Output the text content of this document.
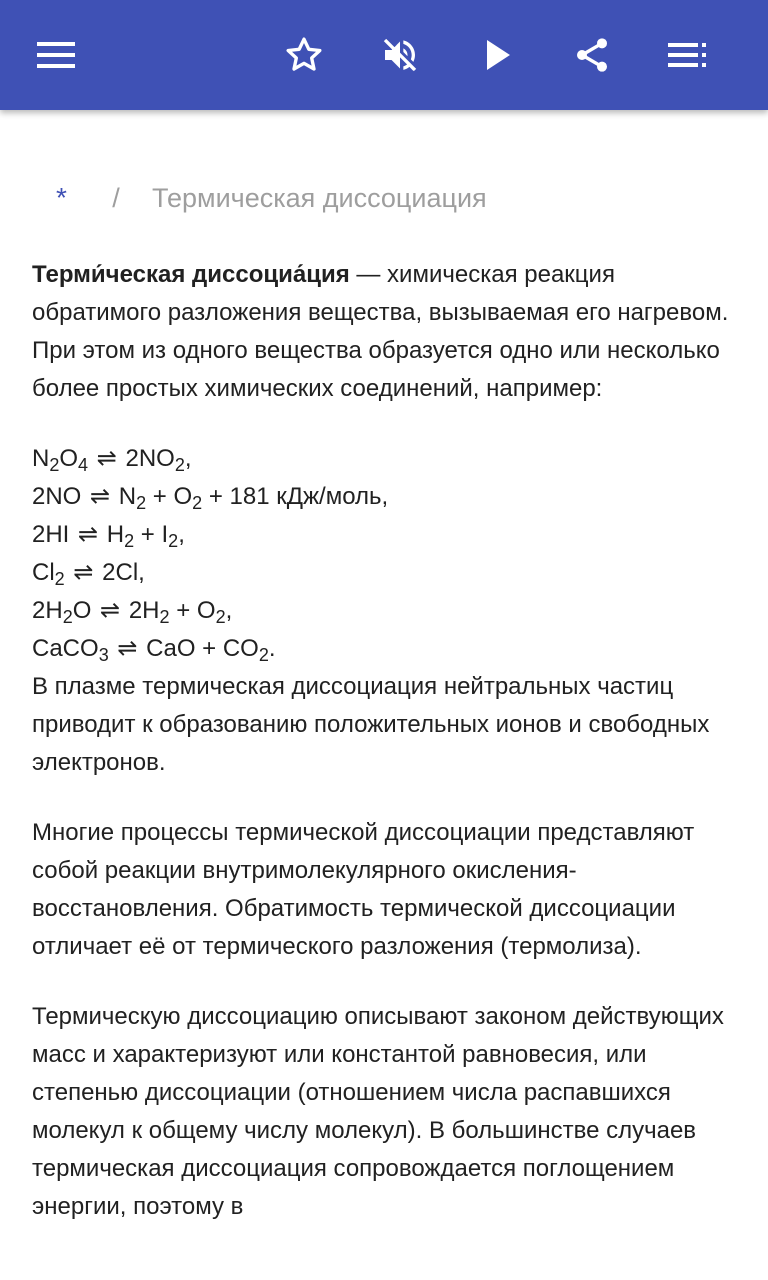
* / Термическая диссоциация

Терми́ческая диссоциа́ция — химическая реакция обратимого разложения вещества, вызываемая его нагревом. При этом из одного вещества образуется одно или несколько более простых химических соединений, например:

$N_2O_4$ ⇌ $2NO_2$,
2NO ⇌ $N_2 + O_2 + 181$ кДж/моль,
2HI ⇌ $H_2 + I_2$,
$Cl_2$ ⇌ 2Cl,
$2H_2O$ ⇌ $2H_2 + O_2$,
CaCO$_3$ ⇌ CaO + $CO_2$.

В плазме термическая диссоциация нейтральных частиц приводит к образованию положительных ионов и свободных электронов.

Многие процессы термической диссоциации представляют собой реакции внутримолекулярного окисления-восстановления. Обратимость термической диссоциации отличает её от термического разложения (термолиза).

Термическую диссоциацию описывают законом действующих масс и характеризуют или константой равновесия, или степенью диссоциации (отношением числа распавшихся молекул к общему числу молекул). В большинстве случаев термическая диссоциация сопровождается поглощением энергии, поэтому в
